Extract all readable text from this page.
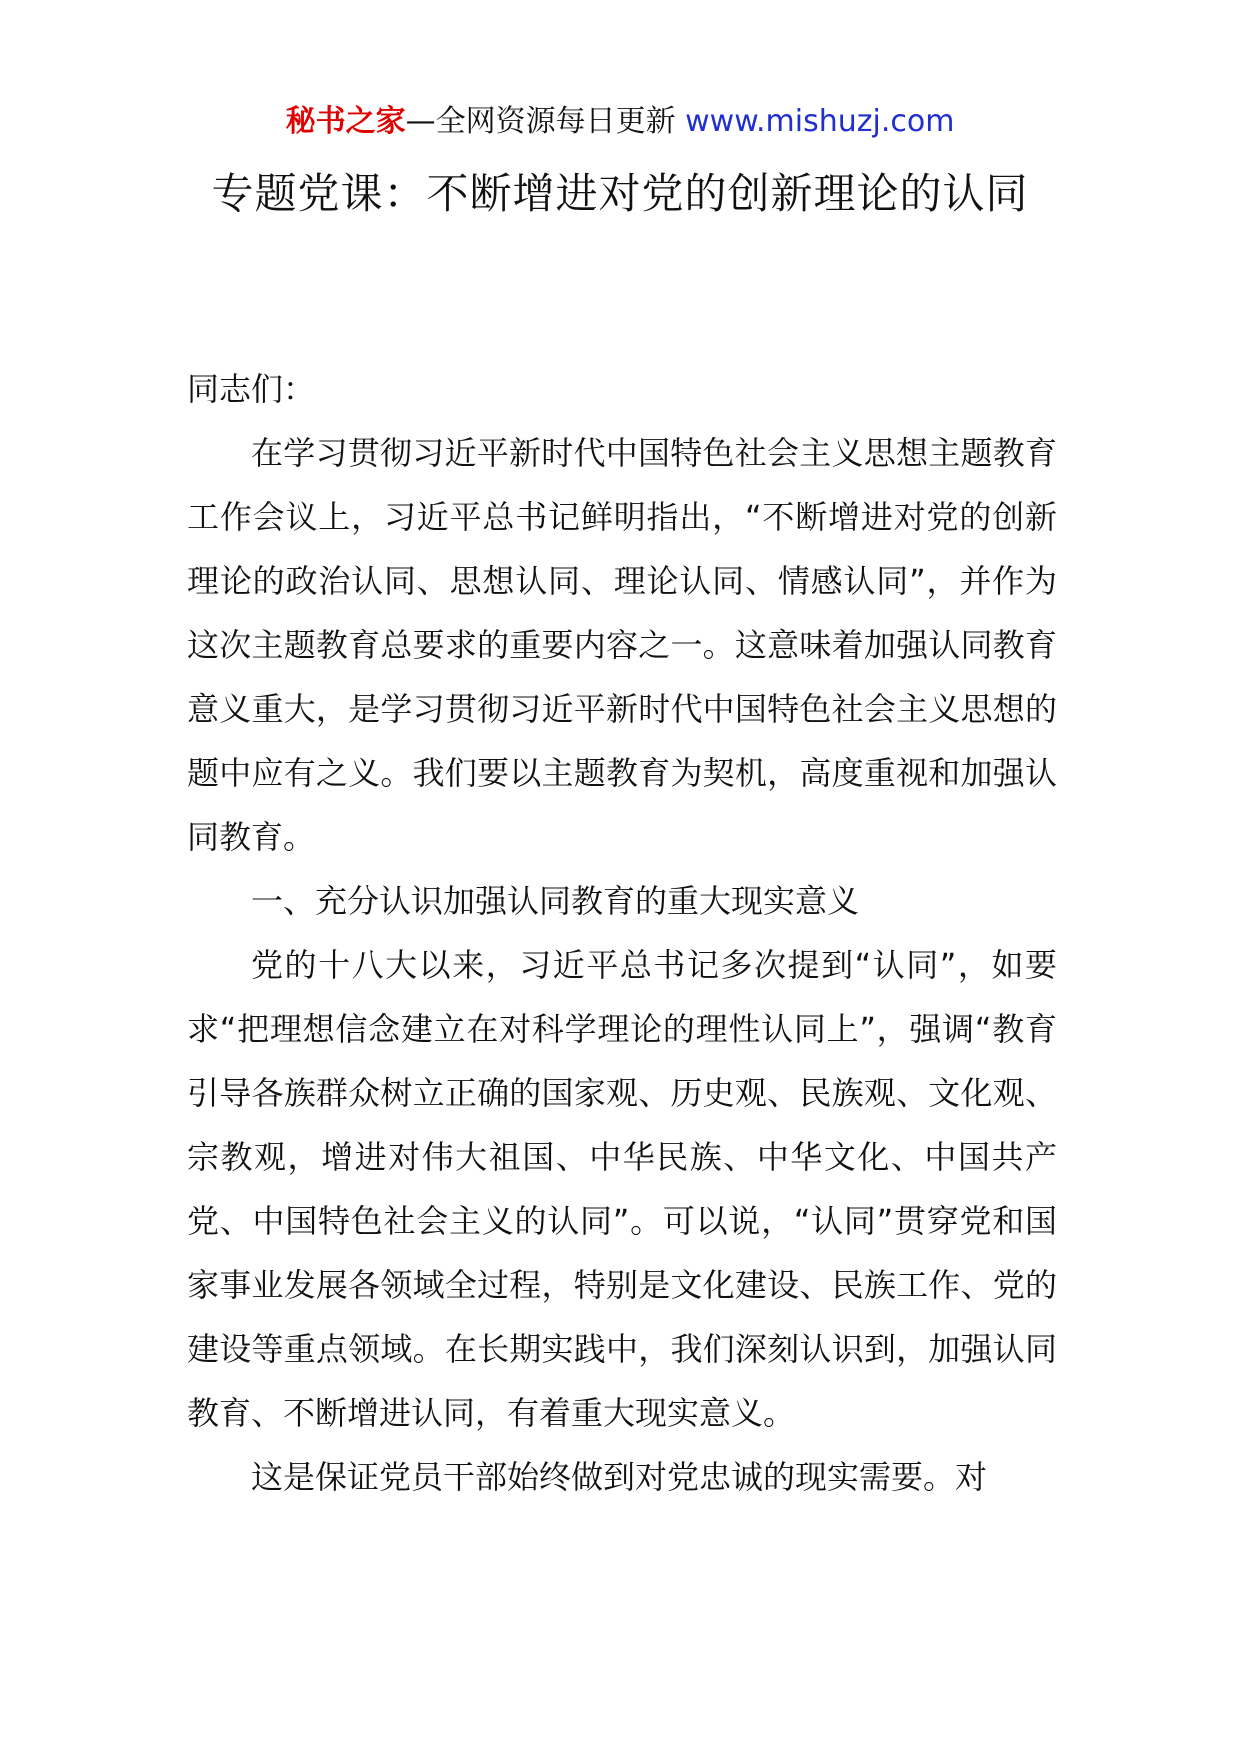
秘书之家—全网资源每日更新 www.mishuzj.com
专题党课：不断增进对党的创新理论的认同

同志们：

在学习贯彻习近平新时代中国特色社会主义思想主题教育工作会议上，习近平总书记鲜明指出，“不断增进对党的创新理论的政治认同、思想认同、理论认同、情感认同”，并作为这次主题教育总要求的重要内容之一。这意味着加强认同教育意义重大，是学习贯彻习近平新时代中国特色社会主义思想的题中应有之义。我们要以主题教育为契机，高度重视和加强认同教育。

一、充分认识加强认同教育的重大现实意义

党的十八大以来，习近平总书记多次提到“认同”，如要求“把理想信念建立在对科学理论的理性认同上”，强调“教育引导各族群众树立正确的国家观、历史观、民族观、文化观、宗教观，增进对伟大祖国、中华民族、中华文化、中国共产党、中国特色社会主义的认同”。可以说，“认同”贯穿党和国家事业发展各领域全过程，特别是文化建设、民族工作、党的建设等重点领域。在长期实践中，我们深刻认识到，加强认同教育、不断增进认同，有着重大现实意义。

这是保证党员干部始终做到对党忠诚的现实需要。对
